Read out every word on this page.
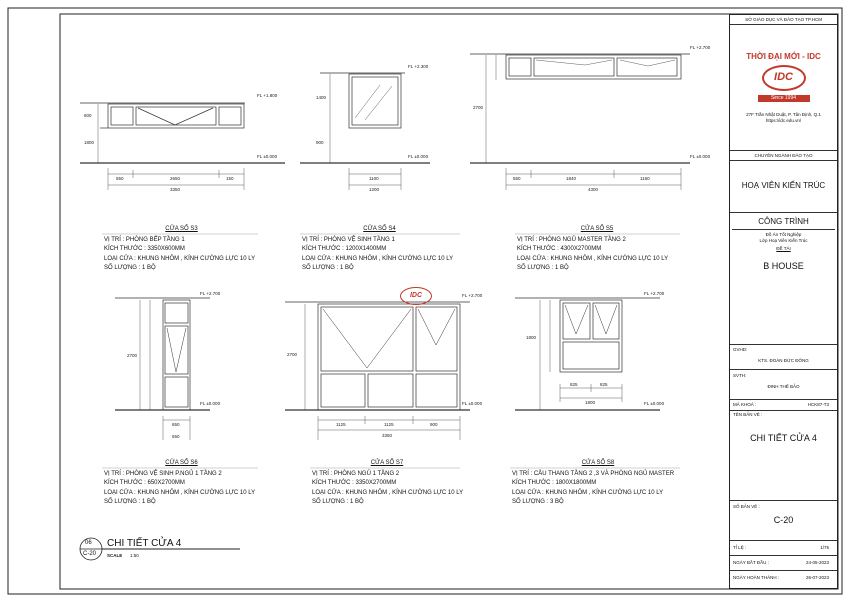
FL +1.800
FL ±0.000
550	2650	150
3350
600
1800
FL +2.300
FL ±0.000
1100
1200
1400
900
FL +2.700
FL ±0.000
550	1840	1160
4300
2700
FL +2.700
FL ±0.000
650
650
2700
FL +2.700
FL ±0.000
1125	1125	900
3350
2700
FL +2.700
FL ±0.000
825	825
1800
1800
IDC
CỬA SỔ S3
VỊ TRÍ : PHÒNG BẾP TẦNG 1
KÍCH THƯỚC : 3350X600MM
LOẠI CỬA : KHUNG NHÔM , KÍNH CƯỜNG LỰC 10 LY
SỐ LƯỢNG : 1 BỘ
CỬA SỔ S4
VỊ TRÍ : PHÒNG VỆ SINH TẦNG 1
KÍCH THƯỚC : 1200X1400MM
LOẠI CỬA : KHUNG NHÔM , KÍNH CƯỜNG LỰC 10 LY
SỐ LƯỢNG : 1 BỘ
CỬA SỔ S5
VỊ TRÍ : PHÒNG NGỦ MASTER TẦNG 2
KÍCH THƯỚC : 4300X2700MM
LOẠI CỬA : KHUNG NHÔM , KÍNH CƯỜNG LỰC 10 LY
SỐ LƯỢNG : 1 BỘ
CỬA SỔ S6
VỊ TRÍ : PHÒNG VỆ SINH P.NGỦ 1 TẦNG 2
KÍCH THƯỚC : 650X2700MM
LOẠI CỬA : KHUNG NHÔM , KÍNH CƯỜNG LỰC 10 LY
SỐ LƯỢNG : 1 BỘ
CỬA SỔ S7
VỊ TRÍ : PHÒNG NGỦ 1 TẦNG 2
KÍCH THƯỚC : 3350X2700MM
LOẠI CỬA : KHUNG NHÔM , KÍNH CƯỜNG LỰC 10 LY
SỐ LƯỢNG : 1 BỘ
CỬA SỔ S8
VỊ TRÍ : CẦU THANG TẦNG 2 ,3 VÀ PHÒNG NGỦ MASTER
KÍCH THƯỚC : 1800X1800MM
LOẠI CỬA : KHUNG NHÔM , KÍNH CƯỜNG LỰC 10 LY
SỐ LƯỢNG : 3 BỘ
06
C-20
CHI TIẾT CỬA 4
SCALE 1:50
SỞ GIÁO DỤC VÀ ĐÀO TẠO TP.HCM
THỜI ĐẠI MỚI - IDC
IDC
Since 1994
27F Trần Nhật Duật, P. Tân Định, Q.1
https://idc.edu.vn/
CHUYÊN NGÀNH ĐÀO TẠO
HOẠ VIÊN KIẾN TRÚC
CÔNG TRÌNH
Đồ Án Tốt Nghiệp
Lớp Hoạ Viên Kiến Trúc
ĐỀ TÀI
B HOUSE
GVHD:
KTS. ĐOÀN ĐỨC ĐÔNG
SVTH:
ĐINH THẾ BẢO
MÃ KHOÁ :	HCK87-T3
TÊN BẢN VẼ :
CHI TIẾT CỬA 4
SỐ BẢN VẼ :
C-20
TỈ LỆ :	1/75
NGÀY BẮT ĐẦU :	24-05-2023
NGÀY HOÀN THÀNH :	26-07-2023
